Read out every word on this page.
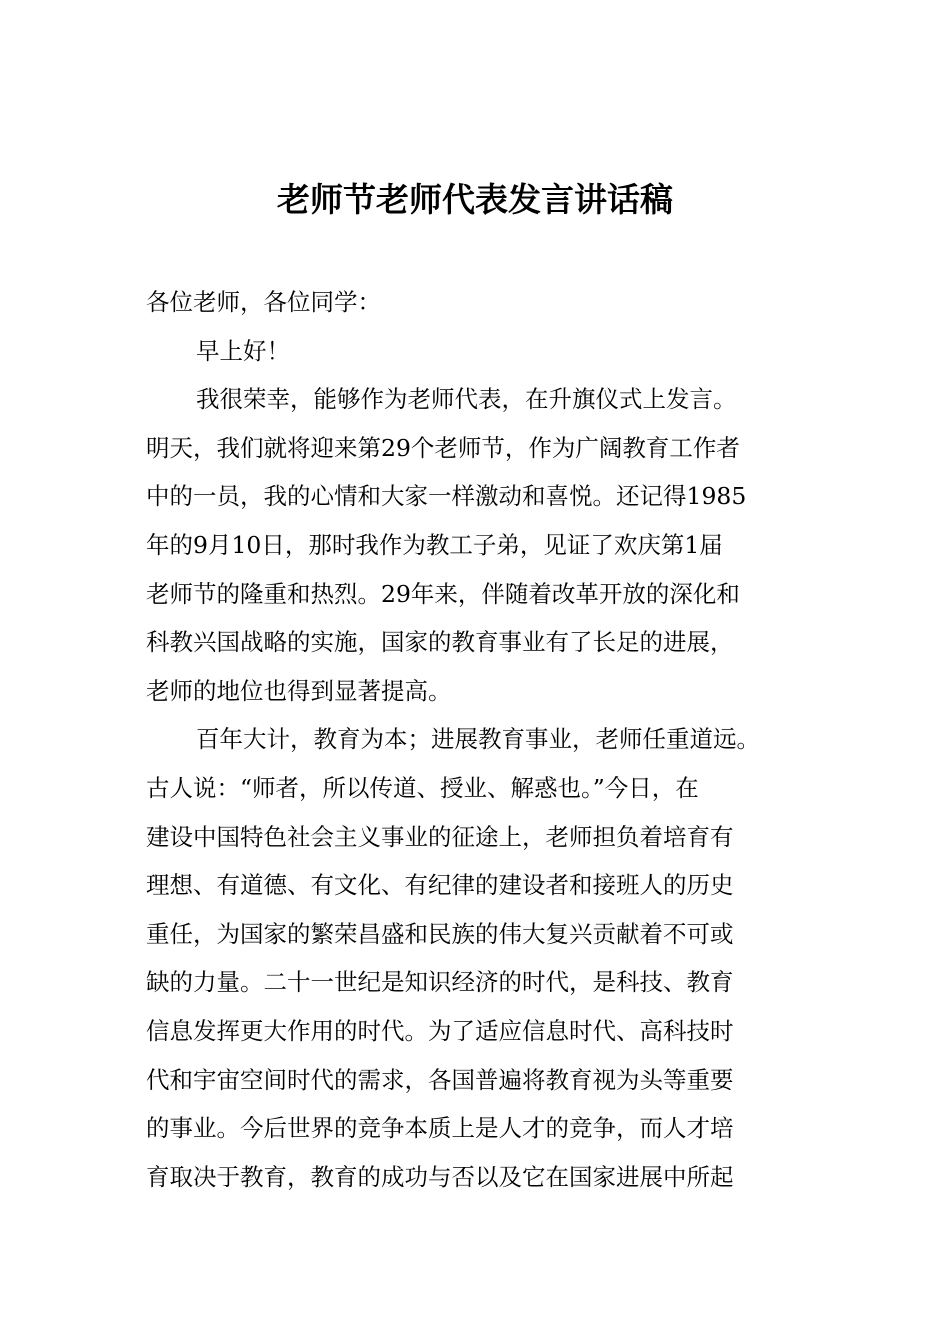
老师节老师代表发言讲话稿
各位老师，各位同学：
早上好！
我很荣幸，能够作为老师代表，在升旗仪式上发言。
明天，我们就将迎来第29个老师节，作为广阔教育工作者
中的一员，我的心情和大家一样激动和喜悦。还记得1985
年的9月10日，那时我作为教工子弟，见证了欢庆第1届
老师节的隆重和热烈。29年来，伴随着改革开放的深化和
科教兴国战略的实施，国家的教育事业有了长足的进展，
老师的地位也得到显著提高。
百年大计，教育为本；进展教育事业，老师任重道远。
古人说：“师者，所以传道、授业、解惑也。”今日，在
建设中国特色社会主义事业的征途上，老师担负着培育有
理想、有道德、有文化、有纪律的建设者和接班人的历史
重任，为国家的繁荣昌盛和民族的伟大复兴贡献着不可或
缺的力量。二十一世纪是知识经济的时代，是科技、教育
信息发挥更大作用的时代。为了适应信息时代、高科技时
代和宇宙空间时代的需求，各国普遍将教育视为头等重要
的事业。今后世界的竞争本质上是人才的竞争，而人才培
育取决于教育，教育的成功与否以及它在国家进展中所起
